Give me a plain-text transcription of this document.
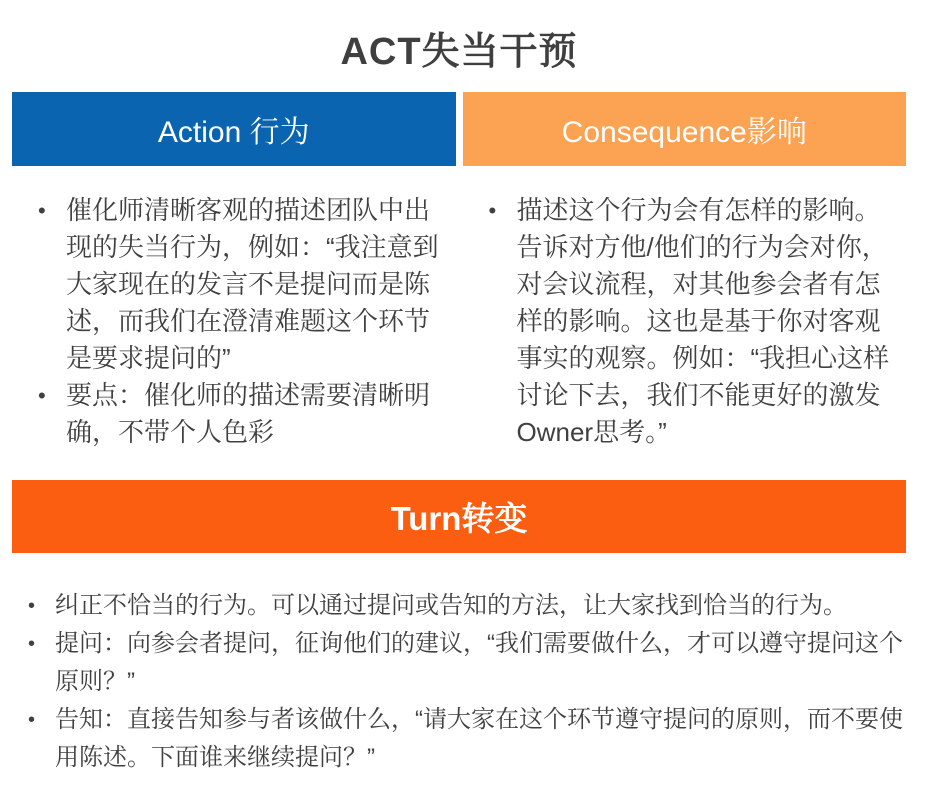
ACT失当干预
Action 行为	Consequence影响
• 催化师清晰客观的描述团队中出现的失当行为，例如：“我注意到大家现在的发言不是提问而是陈述，而我们在澄清难题这个环节是要求提问的”
• 要点：催化师的描述需要清晰明确，不带个人色彩
• 描述这个行为会有怎样的影响。告诉对方他/他们的行为会对你，对会议流程，对其他参会者有怎样的影响。这也是基于你对客观事实的观察。例如：“我担心这样讨论下去，我们不能更好的激发Owner思考。”
Turn转变
• 纠正不恰当的行为。可以通过提问或告知的方法，让大家找到恰当的行为。
• 提问：向参会者提问，征询他们的建议，“我们需要做什么，才可以遵守提问这个原则？”
• 告知：直接告知参与者该做什么，“请大家在这个环节遵守提问的原则，而不要使用陈述。下面谁来继续提问？”
